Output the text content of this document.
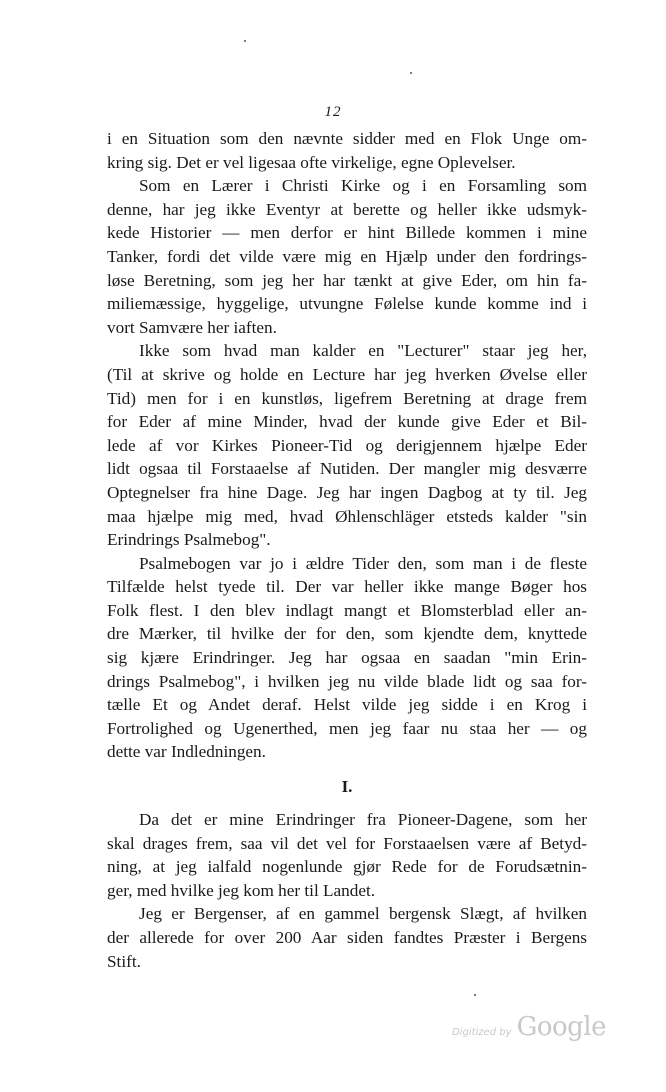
12
i en Situation som den nævnte sidder med en Flok Unge om-
kring sig. Det er vel ligesaa ofte virkelige, egne Oplevelser.
Som en Lærer i Christi Kirke og i en Forsamling som
denne, har jeg ikke Eventyr at berette og heller ikke udsmyk-
kede Historier — men derfor er hint Billede kommen i mine
Tanker, fordi det vilde være mig en Hjælp under den fordrings-
løse Beretning, som jeg her har tænkt at give Eder, om hin fa-
miliemæssige, hyggelige, utvungne Følelse kunde komme ind i
vort Samvære her iaften.
Ikke som hvad man kalder en "Lecturer" staar jeg her,
(Til at skrive og holde en Lecture har jeg hverken Øvelse eller
Tid) men for i en kunstløs, ligefrem Beretning at drage frem
for Eder af mine Minder, hvad der kunde give Eder et Bil-
lede af vor Kirkes Pioneer-Tid og derigjennem hjælpe Eder
lidt ogsaa til Forstaaelse af Nutiden. Der mangler mig desværre
Optegnelser fra hine Dage. Jeg har ingen Dagbog at ty til. Jeg
maa hjælpe mig med, hvad Øhlenschläger etsteds kalder "sin
Erindrings Psalmebog".
Psalmebogen var jo i ældre Tider den, som man i de fleste
Tilfælde helst tyede til. Der var heller ikke mange Bøger hos
Folk flest. I den blev indlagt mangt et Blomsterblad eller an-
dre Mærker, til hvilke der for den, som kjendte dem, knyttede
sig kjære Erindringer. Jeg har ogsaa en saadan "min Erin-
drings Psalmebog", i hvilken jeg nu vilde blade lidt og saa for-
tælle Et og Andet deraf. Helst vilde jeg sidde i en Krog i
Fortrolighed og Ugenerthed, men jeg faar nu staa her — og
dette var Indledningen.
I.
Da det er mine Erindringer fra Pioneer-Dagene, som her
skal drages frem, saa vil det vel for Forstaaelsen være af Betyd-
ning, at jeg ialfald nogenlunde gjør Rede for de Forudsætnin-
ger, med hvilke jeg kom her til Landet.
Jeg er Bergenser, af en gammel bergensk Slægt, af hvilken
der allerede for over 200 Aar siden fandtes Præster i Bergens
Stift.
Digitized by Google
